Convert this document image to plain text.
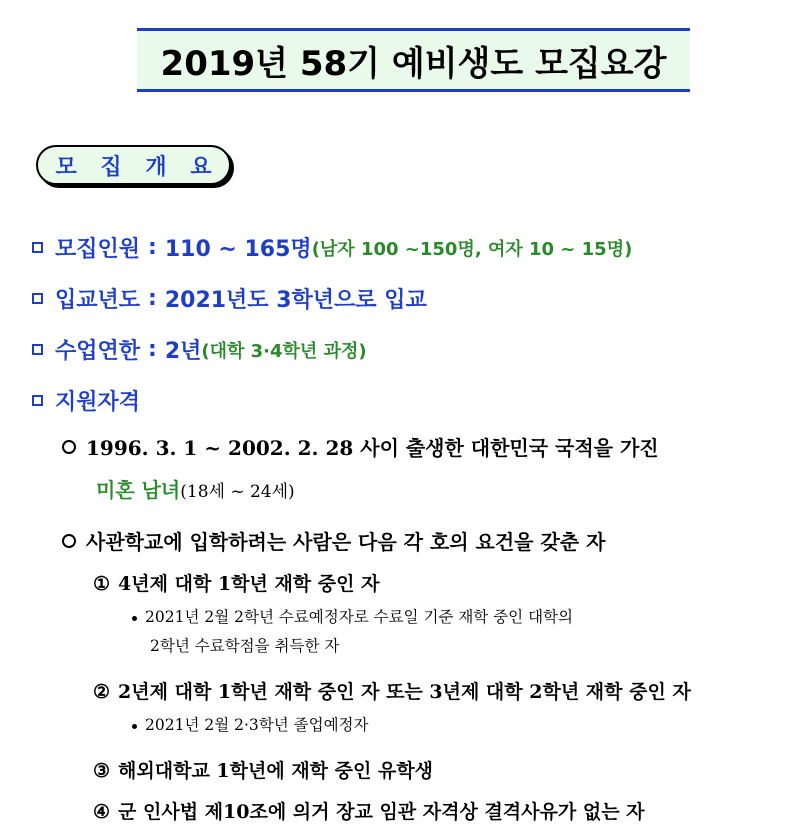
2019년 58기 예비생도 모집요강
모 집 개 요
모집인원 : 110 ~ 165명 (남자 100 ~150명, 여자 10 ~ 15명)
입교년도 : 2021년도 3학년으로 입교
수업연한 : 2년 (대학 3·4학년 과정)
지원자격
1996. 3. 1 ~ 2002. 2. 28 사이 출생한 대한민국 국적을 가진
미혼 남녀(18세 ~ 24세)
사관학교에 입학하려는 사람은 다음 각 호의 요건을 갖춘 자
① 4년제 대학 1학년 재학 중인 자
2021년 2월 2학년 수료예정자로 수료일 기준 재학 중인 대학의
2학년 수료학점을 취득한 자
② 2년제 대학 1학년 재학 중인 자 또는 3년제 대학 2학년 재학 중인 자
2021년 2월 2·3학년 졸업예정자
③ 해외대학교 1학년에 재학 중인 유학생
④ 군 인사법 제10조에 의거 장교 임관 자격상 결격사유가 없는 자
